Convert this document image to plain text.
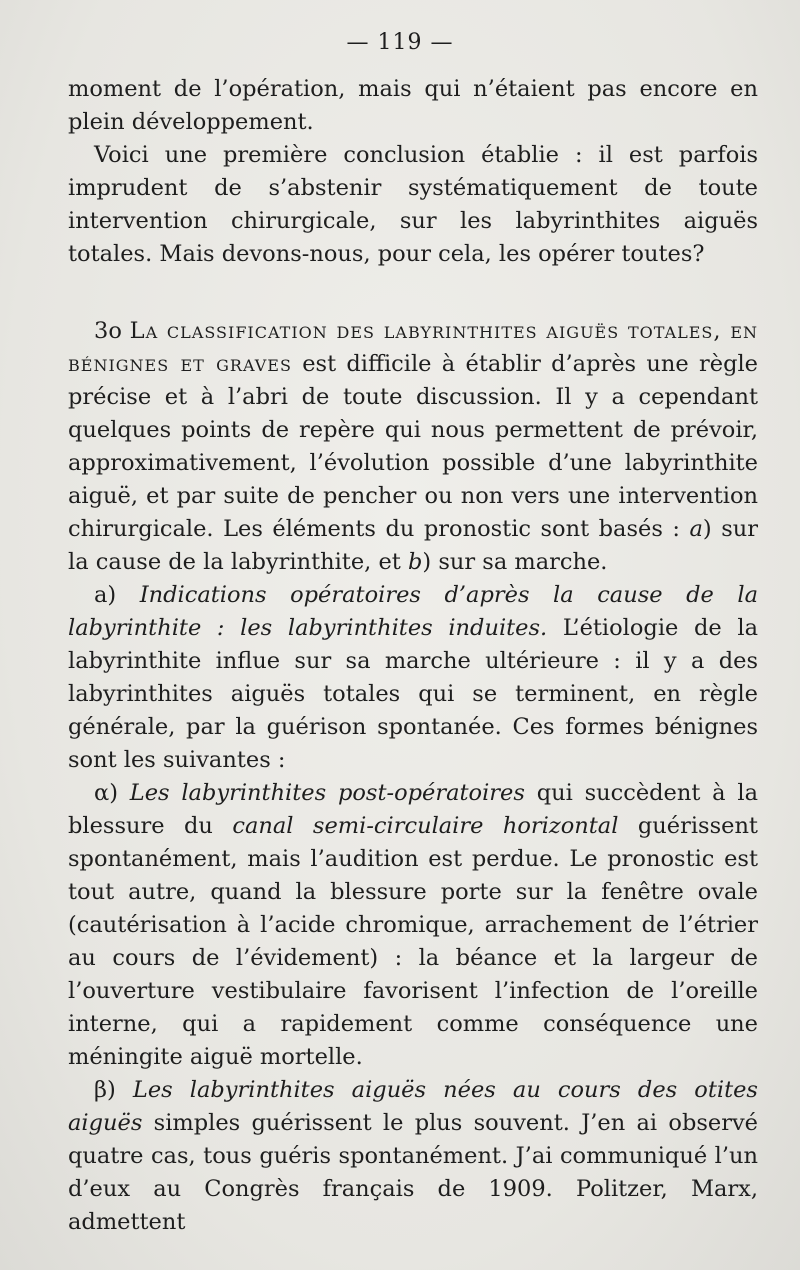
— 119 —

moment de l’opération, mais qui n’étaient pas encore en plein développement.

Voici une première conclusion établie : il est parfois imprudent de s’abstenir systématiquement de toute intervention chirurgicale, sur les labyrinthites aiguës totales. Mais devons-nous, pour cela, les opérer toutes?

3o La classification des labyrinthites aiguës totales, en bénignes et graves est difficile à établir d’après une règle précise et à l’abri de toute discussion. Il y a cependant quelques points de repère qui nous permettent de prévoir, approximativement, l’évolution possible d’une labyrinthite aiguë, et par suite de pencher ou non vers une intervention chirurgicale. Les éléments du pronostic sont basés : a) sur la cause de la labyrinthite, et b) sur sa marche.

a) Indications opératoires d’après la cause de la labyrinthite : les labyrinthites induites. L’étiologie de la labyrinthite influe sur sa marche ultérieure : il y a des labyrinthites aiguës totales qui se terminent, en règle générale, par la guérison spontanée. Ces formes bénignes sont les suivantes :

α) Les labyrinthites post-opératoires qui succèdent à la blessure du canal semi-circulaire horizontal guérissent spontanément, mais l’audition est perdue. Le pronostic est tout autre, quand la blessure porte sur la fenêtre ovale (cautérisation à l’acide chromique, arrachement de l’étrier au cours de l’évidement) : la béance et la largeur de l’ouverture vestibulaire favorisent l’infection de l’oreille interne, qui a rapidement comme conséquence une méningite aiguë mortelle.

β) Les labyrinthites aiguës nées au cours des otites aiguës simples guérissent le plus souvent. J’en ai observé quatre cas, tous guéris spontanément. J’ai communiqué l’un d’eux au Congrès français de 1909. Politzer, Marx, admettent
